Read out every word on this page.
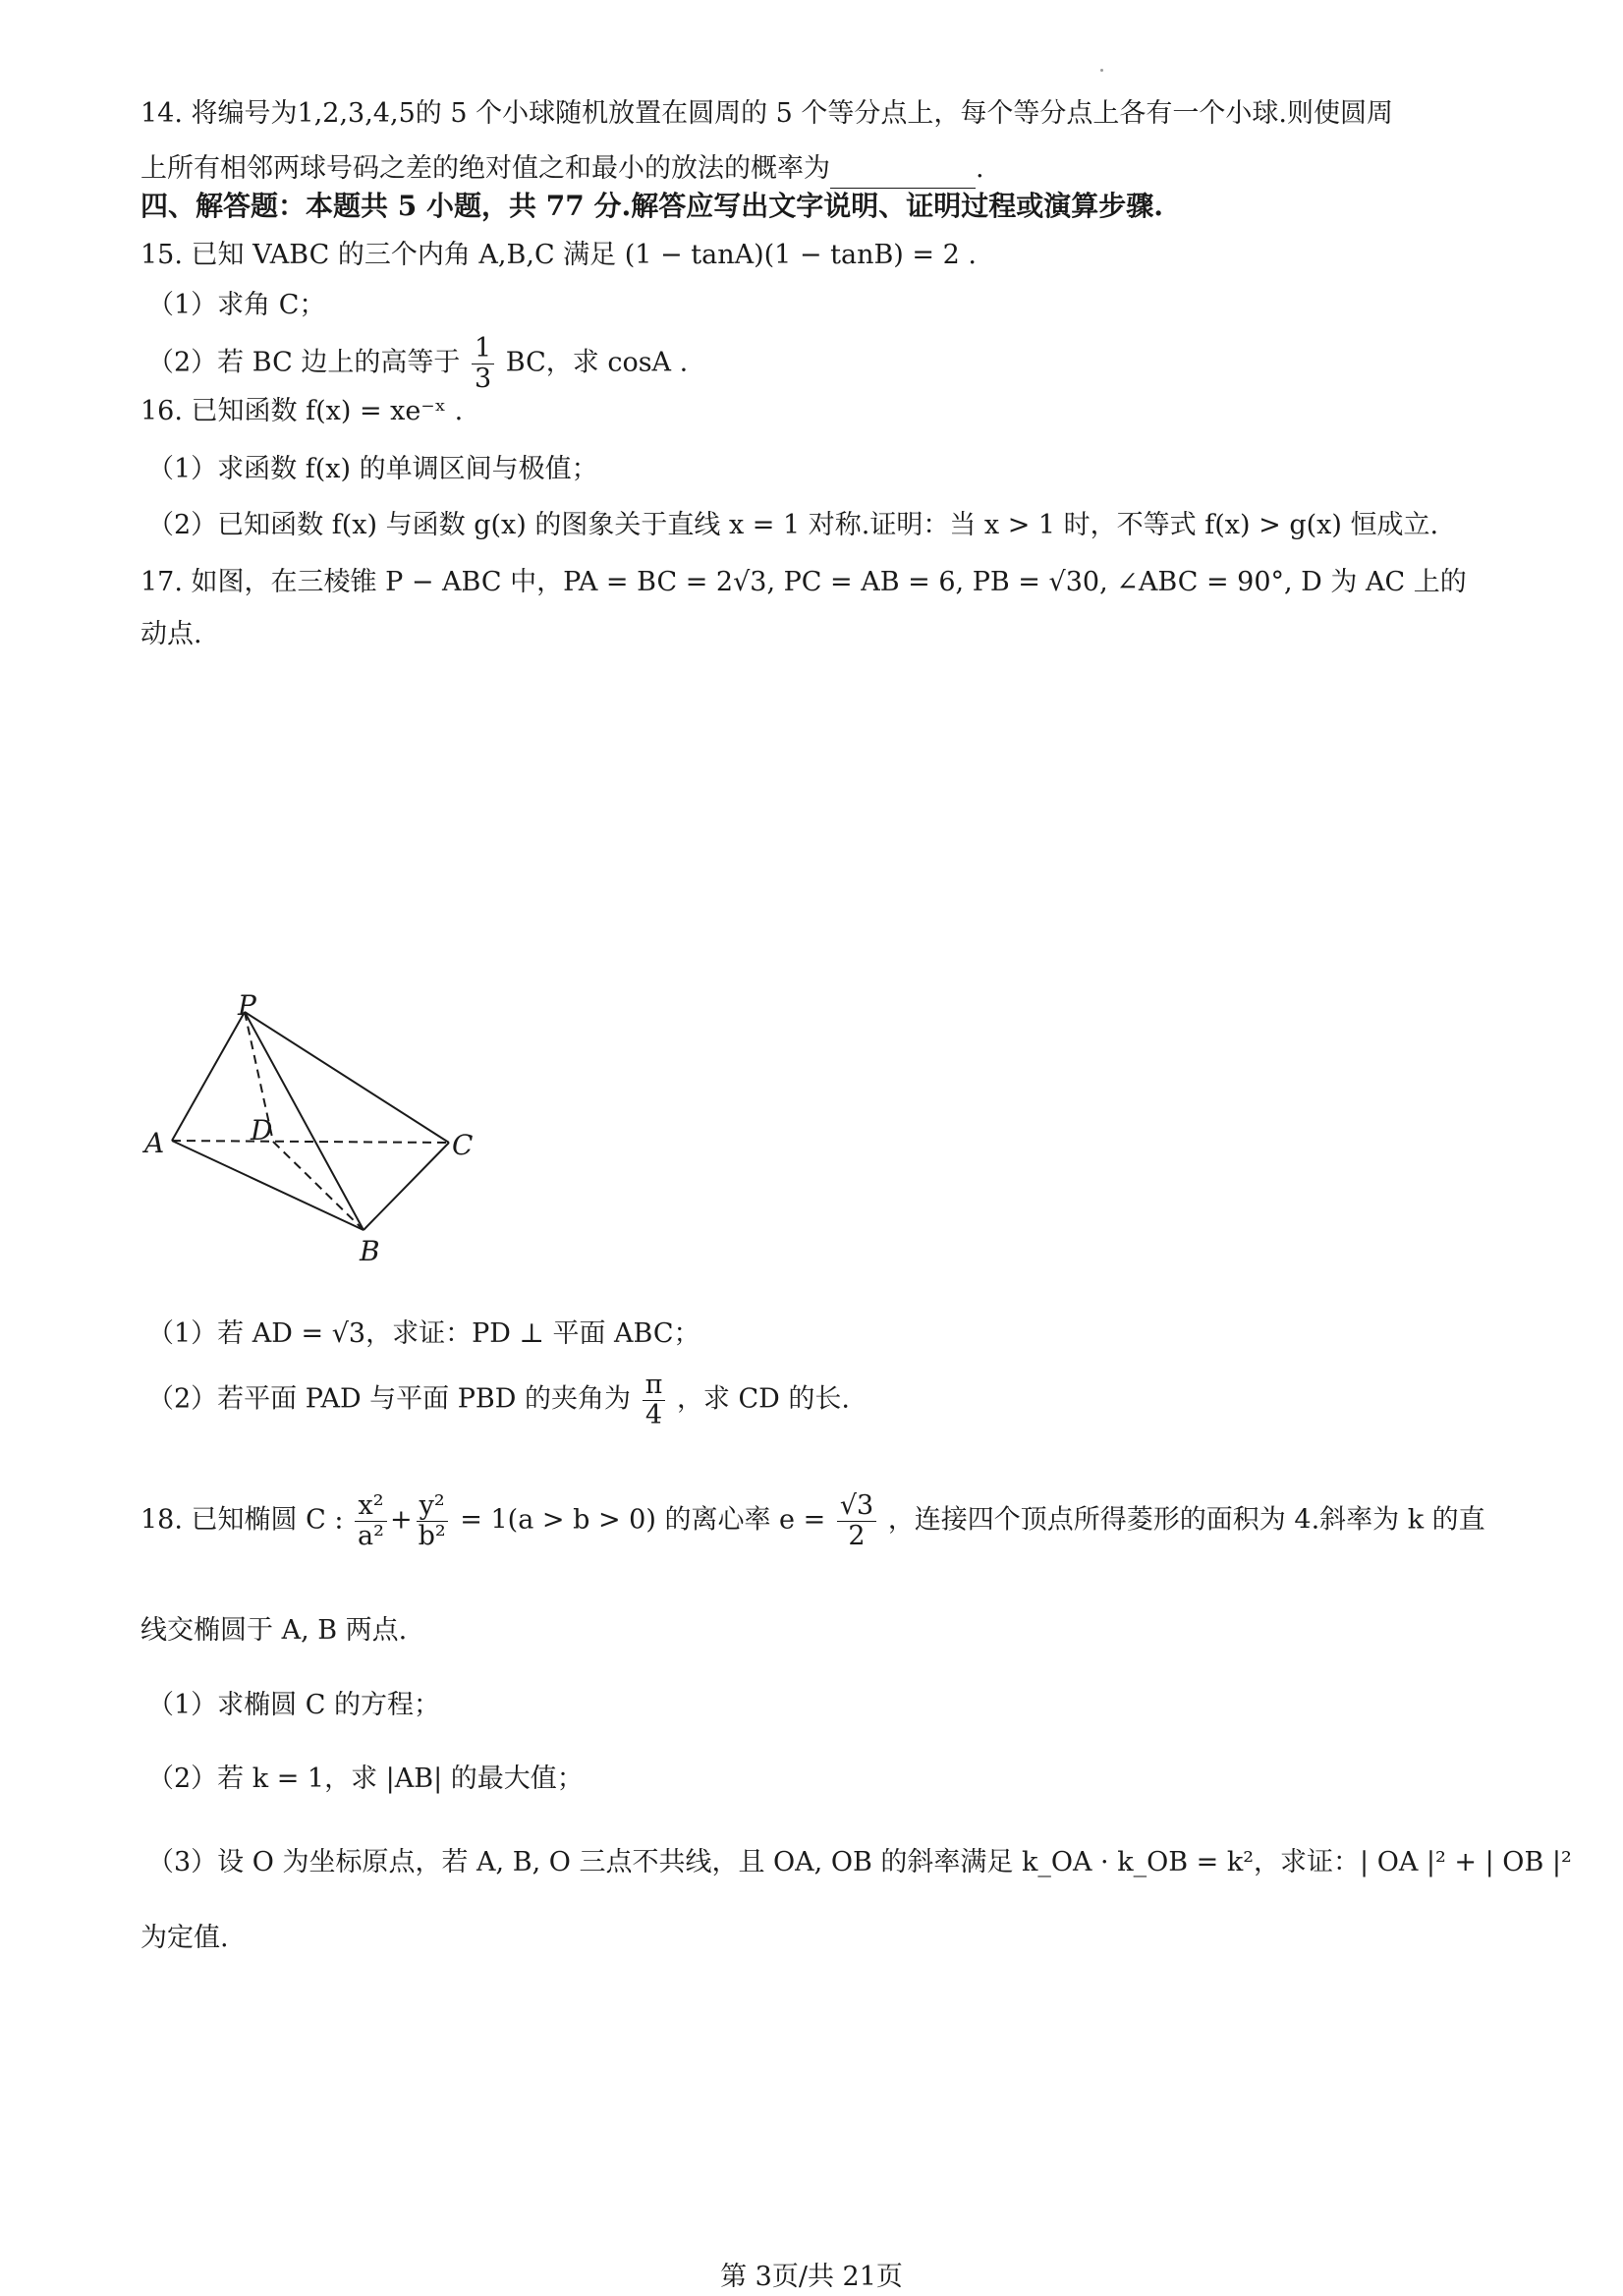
14. 将编号为1,2,3,4,5的 5 个小球随机放置在圆周的 5 个等分点上，每个等分点上各有一个小球.则使圆周
上所有相邻两球号码之差的绝对值之和最小的放法的概率为	.
四、解答题：本题共 5 小题，共 77 分.解答应写出文字说明、证明过程或演算步骤.
15. 已知 VABC 的三个内角 A,B,C 满足 (1 − tanA)(1 − tanB) = 2 .
（1）求角 C；
（2）若 BC 边上的高等于 $\frac{1}{3}$ BC，求 cosA .
16. 已知函数 f(x) = xe⁻ˣ .
（1）求函数 f(x) 的单调区间与极值；
（2）已知函数 f(x) 与函数 g(x) 的图象关于直线 x = 1 对称.证明：当 x > 1 时，不等式 f(x) > g(x) 恒成立.
17. 如图，在三棱锥 P − ABC 中，PA = BC = 2√3, PC = AB = 6, PB = √30, ∠ABC = 90°, D 为 AC 上的
动点.
P
A	D	C
B
（1）若 AD = √3，求证：PD ⊥ 平面 ABC；
（2）若平面 PAD 与平面 PBD 的夹角为 $\frac{\pi}{4}$ ，求 CD 的长.
18. 已知椭圆 C : $\frac{\text{x²}}{\text{a²}} + \frac{\text{y²}}{\text{b²}} = 1(a > b > 0)$ 的离心率 $e = \frac{√3}{2}$ ，连接四个顶点所得菱形的面积为 4.斜率为 k 的直
线交椭圆于 A, B 两点.
（1）求椭圆 C 的方程；
（2）若 k = 1，求 |AB| 的最大值；
（3）设 O 为坐标原点，若 A, B, O 三点不共线，且 OA, OB 的斜率满足 k_OA · k_OB = k²，求证：| OA |² + | OB |²
为定值.
第 3页/共 21页
